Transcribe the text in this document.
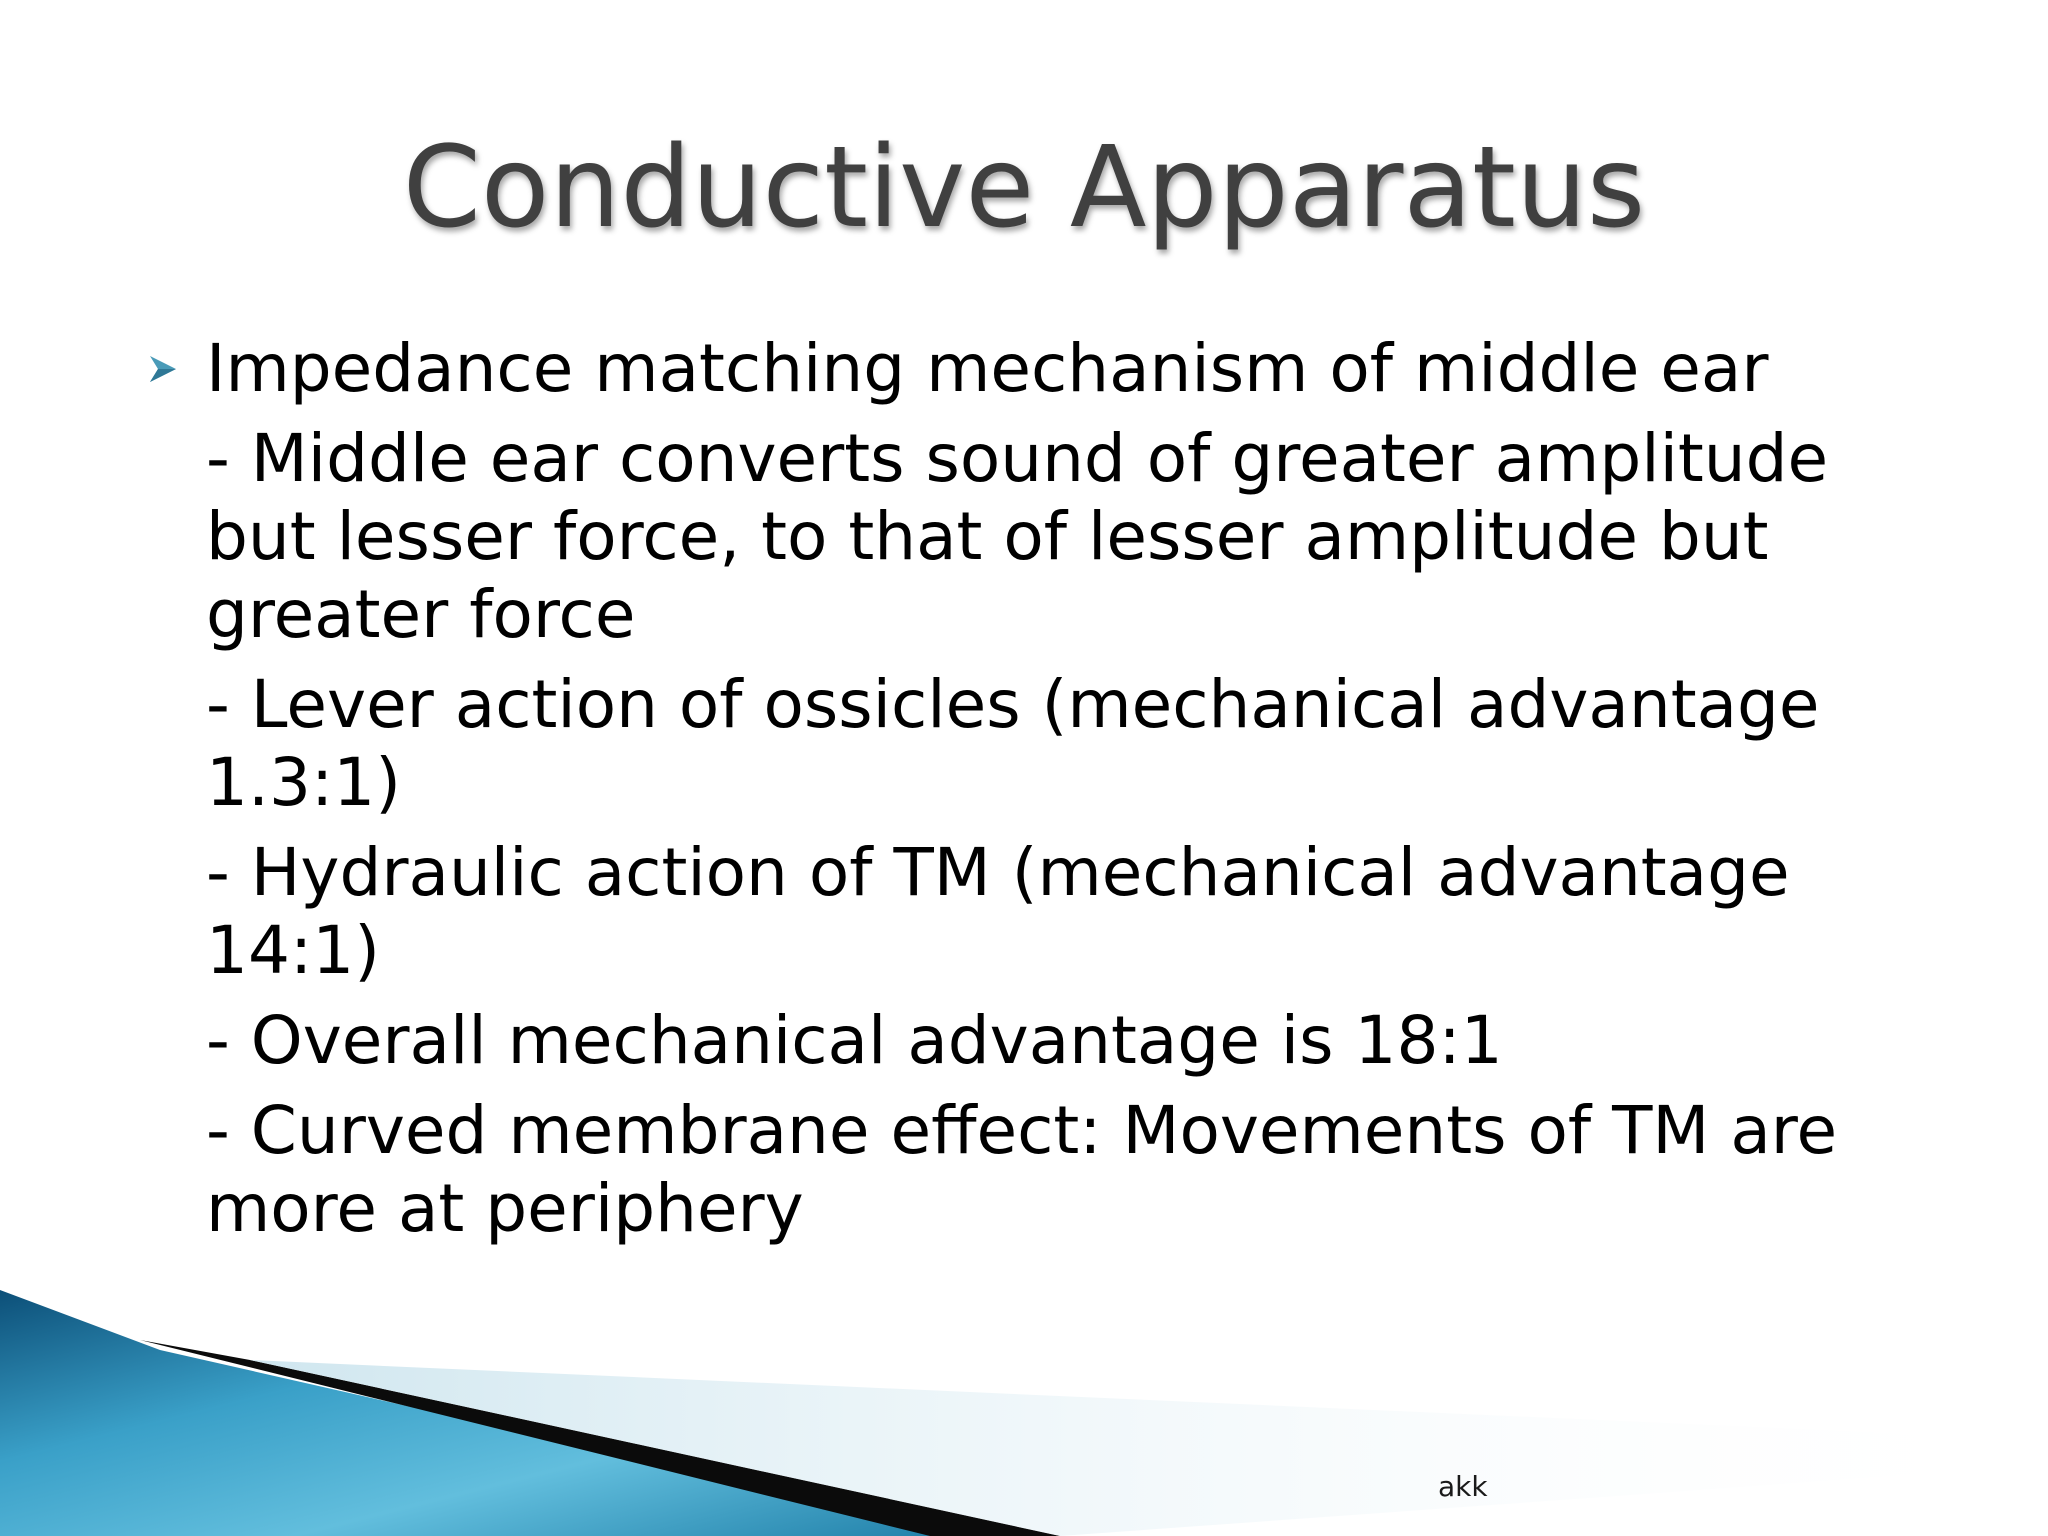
Conductive Apparatus
Impedance matching mechanism of middle ear
- Middle ear converts sound of greater amplitude
but lesser force, to that of lesser amplitude but
greater force
- Lever action of ossicles (mechanical advantage
1.3:1)
- Hydraulic action of TM (mechanical advantage
14:1)
- Overall mechanical advantage is 18:1
- Curved membrane effect: Movements of TM are
more at periphery
akk
